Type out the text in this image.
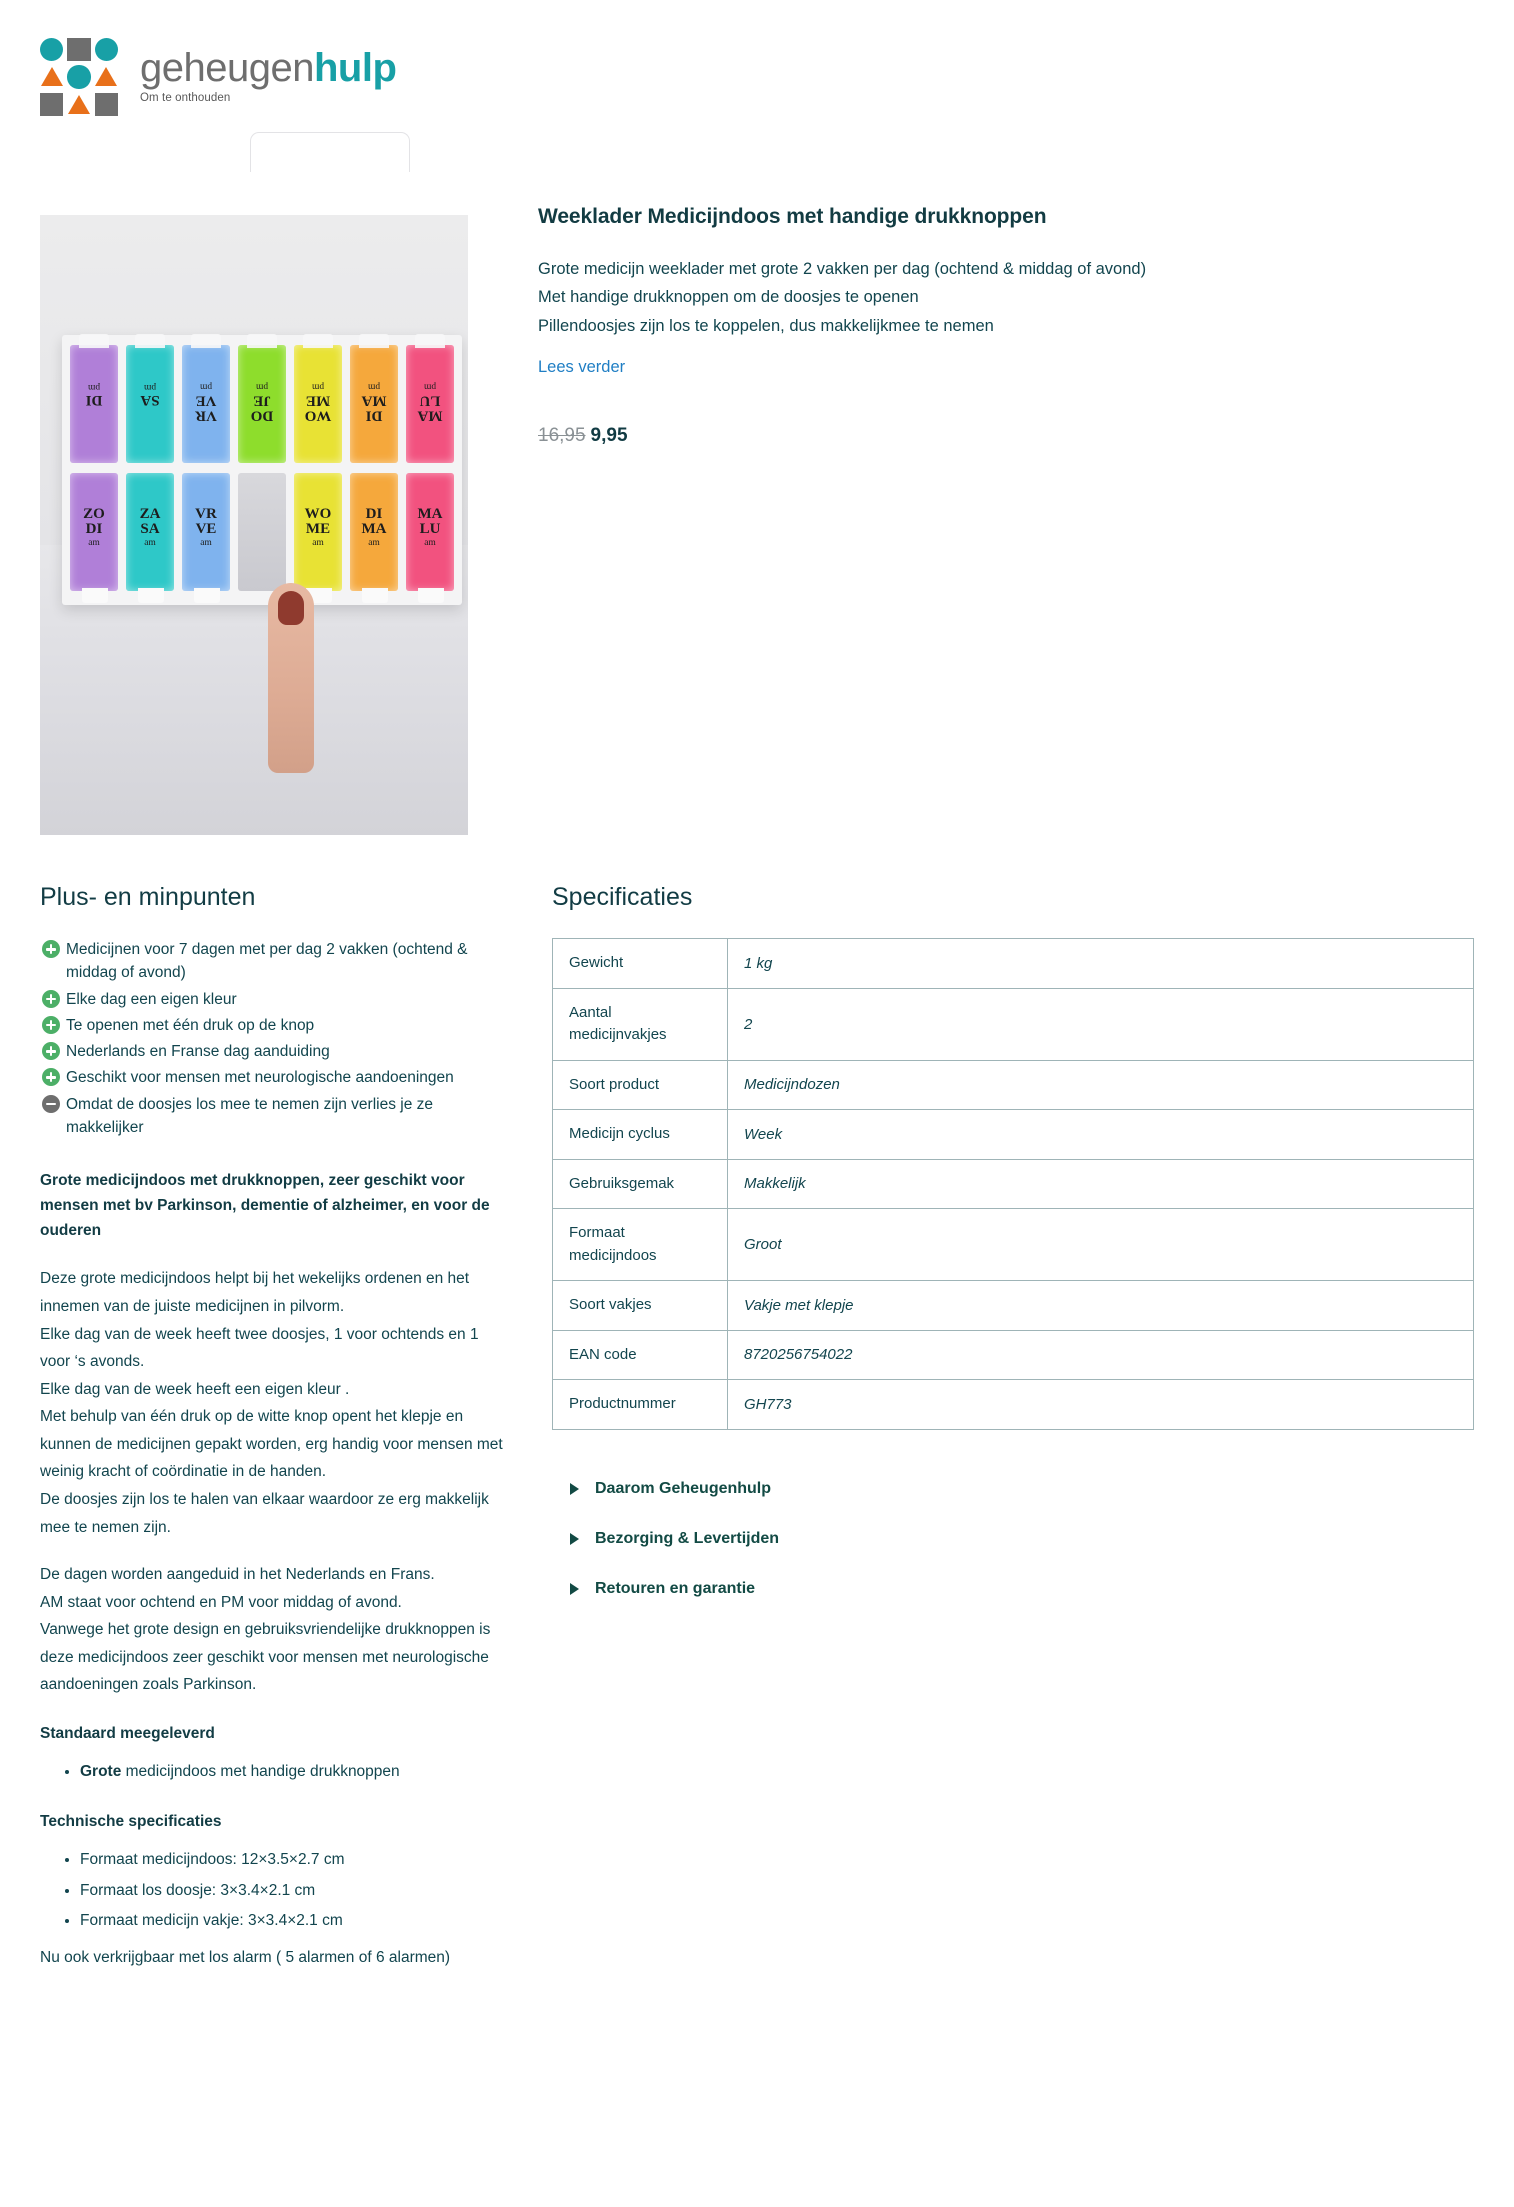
geheugenhulp
Om te onthouden
DI
pm
ZO
DI
am
SA
pm
ZA
SA
am
VR
VE
pm
VR
VE
am
DO
JE
pm
WO
ME
pm
WO
ME
am
DI
MA
pm
DI
MA
am
MA
LU
pm
MA
LU
am
Weeklader Medicijndoos met handige drukknoppen
Grote medicijn weeklader met grote 2 vakken per dag (ochtend & middag of avond)
Met handige drukknoppen om de doosjes te openen
Pillendoosjes zijn los te koppelen, dus makkelijkmee te nemen
Lees verder
16,95 9,95
Plus- en minpunten
Medicijnen voor 7 dagen met per dag 2 vakken (ochtend & middag of avond)
Elke dag een eigen kleur
Te openen met één druk op de knop
Nederlands en Franse dag aanduiding
Geschikt voor mensen met neurologische aandoeningen
Omdat de doosjes los mee te nemen zijn verlies je ze makkelijker
Grote medicijndoos met drukknoppen, zeer geschikt voor mensen met bv Parkinson, dementie of alzheimer, en voor de ouderen
Deze grote medicijndoos helpt bij het wekelijks ordenen en het innemen van de juiste medicijnen in pilvorm.
Elke dag van de week heeft twee doosjes, 1 voor ochtends en 1 voor ‘s avonds.
Elke dag van de week heeft een eigen kleur .
Met behulp van één druk op de witte knop opent het klepje en kunnen de medicijnen gepakt worden, erg handig voor mensen met weinig kracht of coördinatie in de handen.
De doosjes zijn los te halen van elkaar waardoor ze erg makkelijk mee te nemen zijn.
De dagen worden aangeduid in het Nederlands en Frans.
AM staat voor ochtend en PM voor middag of avond.
Vanwege het grote design en gebruiksvriendelijke drukknoppen is deze medicijndoos zeer geschikt voor mensen met neurologische aandoeningen zoals Parkinson.
Standaard meegeleverd
• Grote medicijndoos met handige drukknoppen
Technische specificaties
• Formaat medicijndoos: 12×3.5×2.7 cm
• Formaat los doosje: 3×3.4×2.1 cm
• Formaat medicijn vakje: 3×3.4×2.1 cm
Nu ook verkrijgbaar met los alarm ( 5 alarmen of 6 alarmen)
Specificaties
Gewicht	1 kg
Aantal medicijnvakjes	2
Soort product	Medicijndozen
Medicijn cyclus	Week
Gebruiksgemak	Makkelijk
Formaat medicijndoos	Groot
Soort vakjes	Vakje met klepje
EAN code	8720256754022
Productnummer	GH773
Daarom Geheugenhulp
Bezorging & Levertijden
Retouren en garantie
